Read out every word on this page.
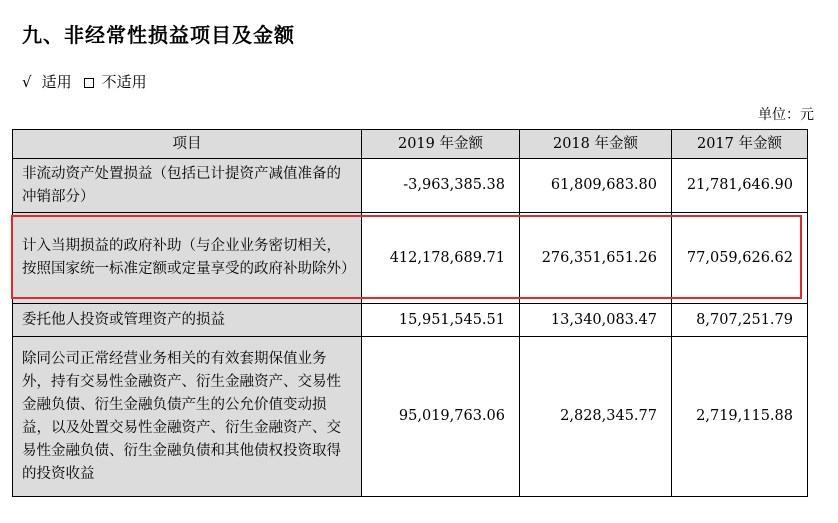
九、非经常性损益项目及金额
√ 适用 不适用
单位：元
项目	2019 年金额	2018 年金额	2017 年金额
非流动资产处置损益（包括已计提资产减值准备的冲销部分）	-3,963,385.38	61,809,683.80	21,781,646.90
计入当期损益的政府补助（与企业业务密切相关，按照国家统一标准定额或定量享受的政府补助除外）	412,178,689.71	276,351,651.26	77,059,626.62
委托他人投资或管理资产的损益	15,951,545.51	13,340,083.47	8,707,251.79
除同公司正常经营业务相关的有效套期保值业务外，持有交易性金融资产、衍生金融资产、交易性金融负债、衍生金融负债产生的公允价值变动损益，以及处置交易性金融资产、衍生金融资产、交易性金融负债、衍生金融负债和其他债权投资取得的投资收益	95,019,763.06	2,828,345.77	2,719,115.88
